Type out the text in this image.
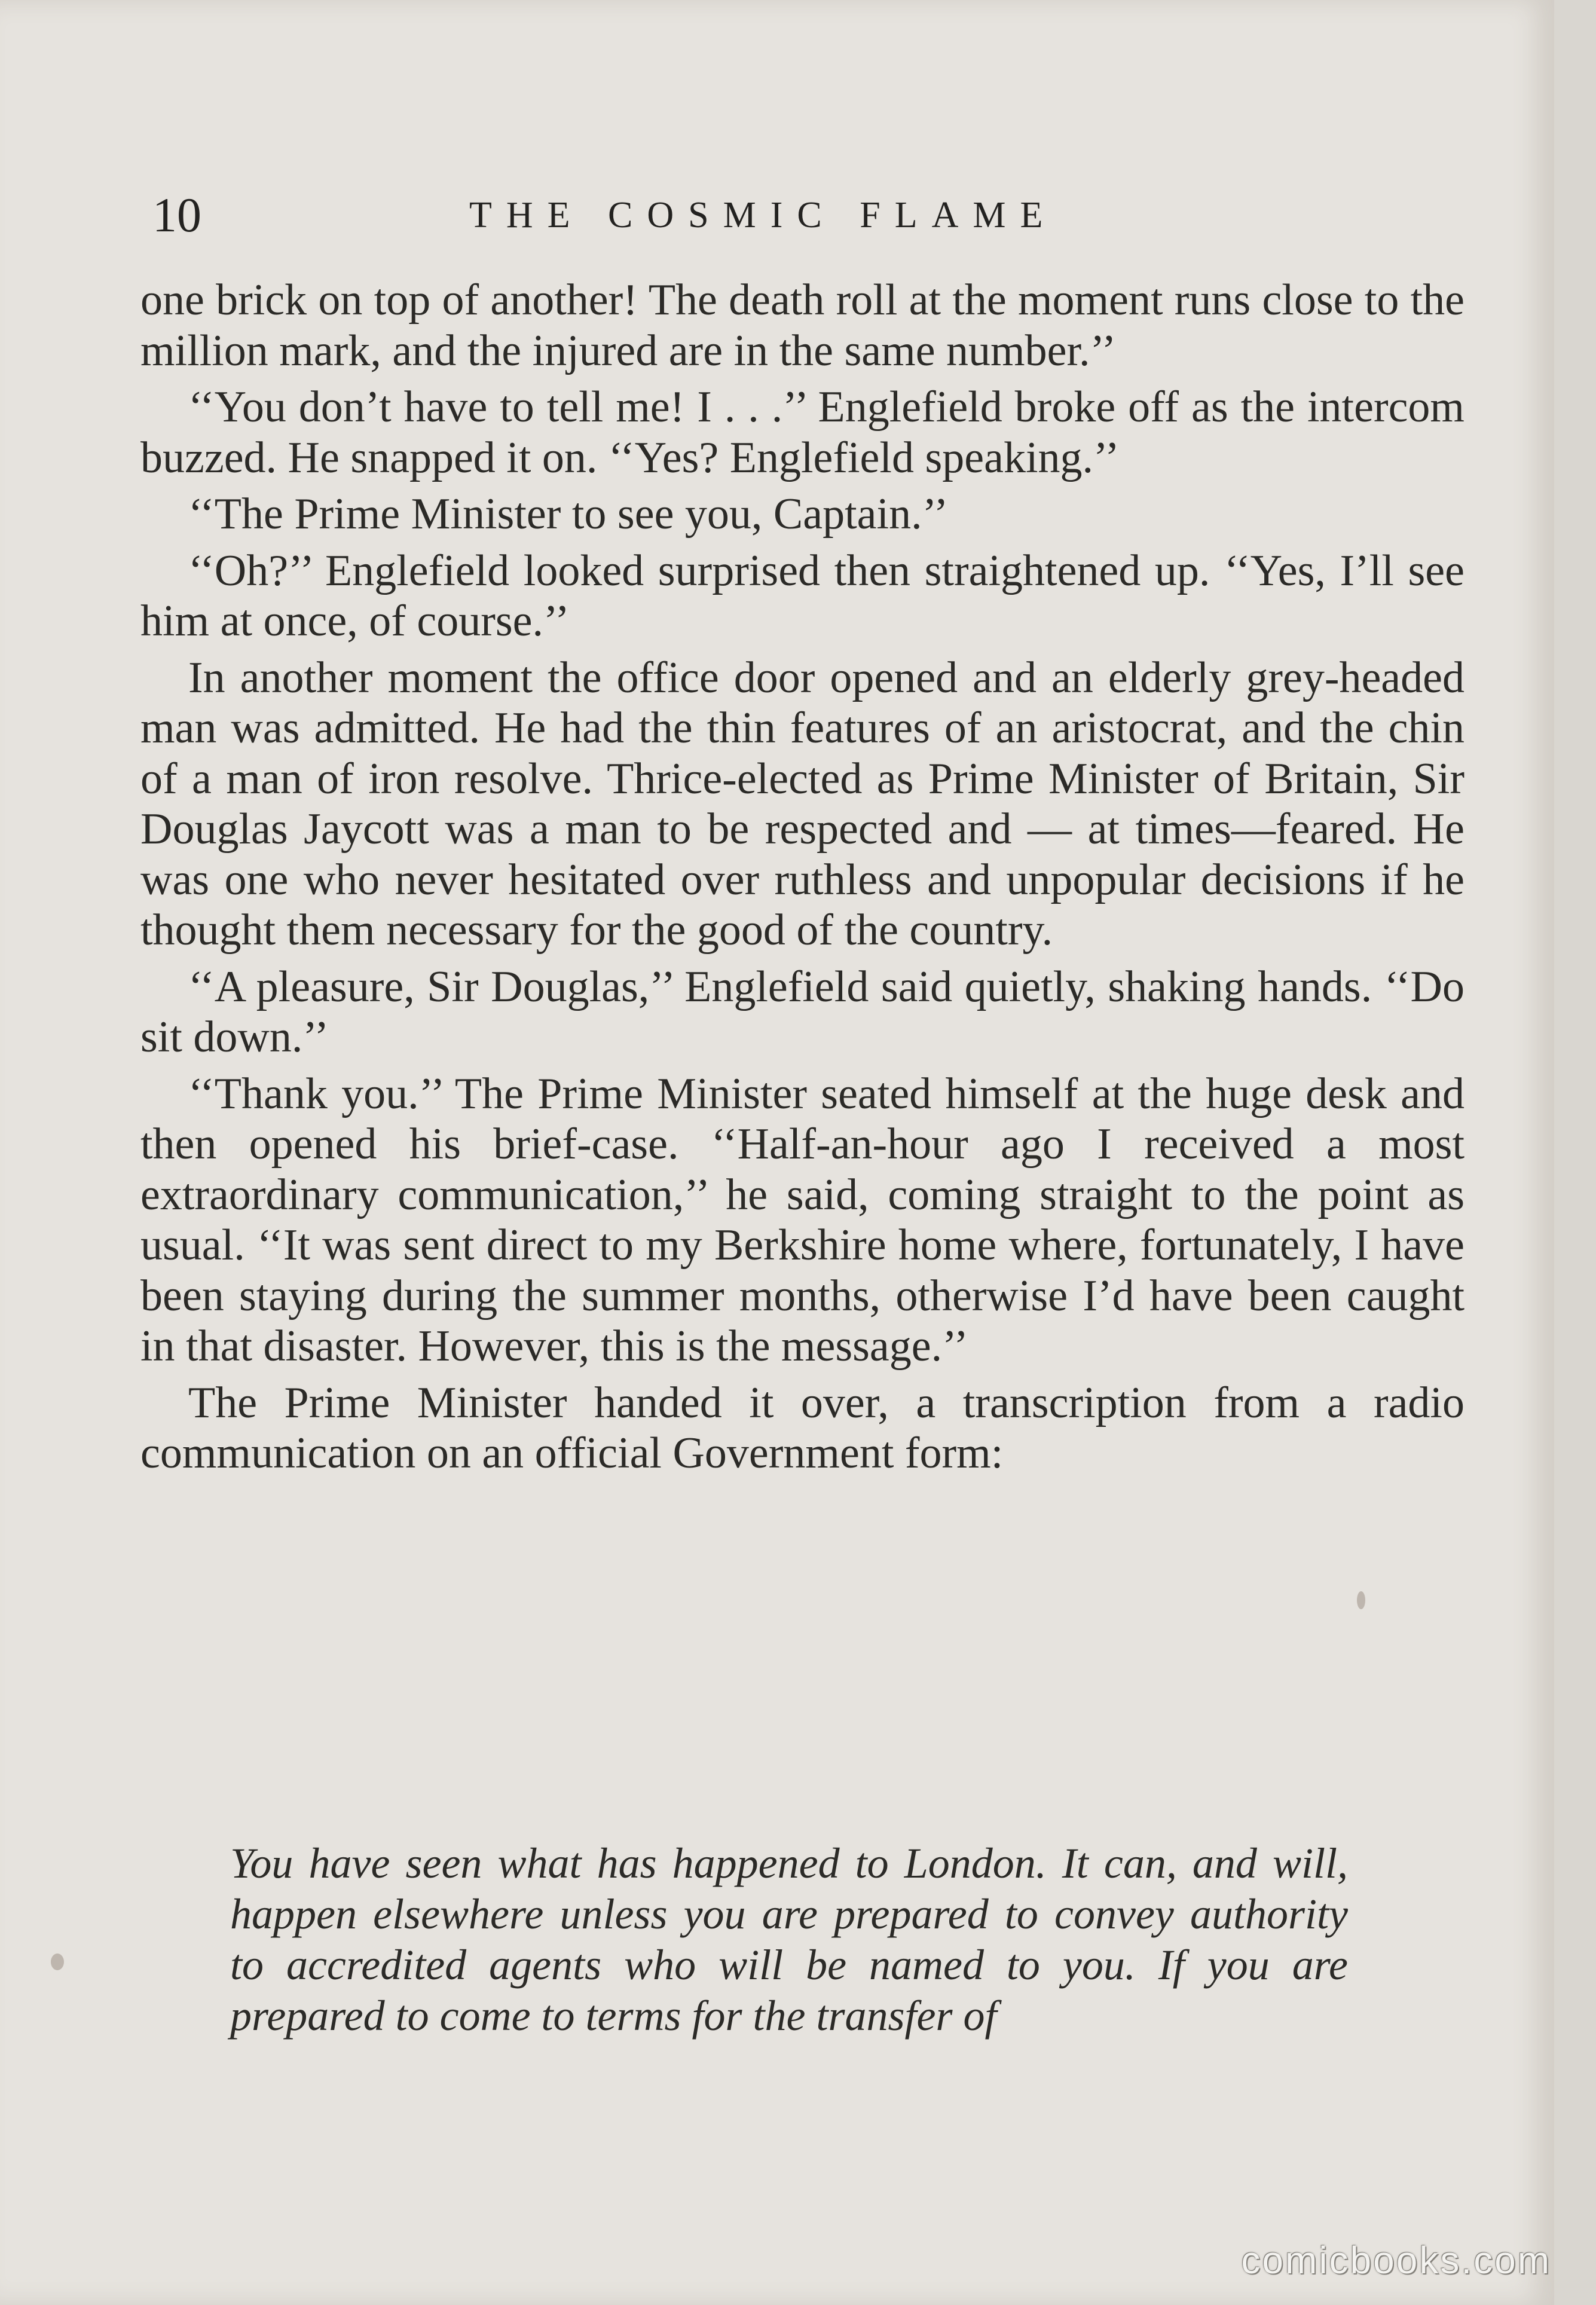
10	THE COSMIC FLAME

one brick on top of another! The death roll at the moment runs close to the million mark, and the injured are in the same number.’’

‘‘You don’t have to tell me! I . . .’’ Englefield broke off as the intercom buzzed. He snapped it on. ‘‘Yes? Englefield speaking.’’

‘‘The Prime Minister to see you, Captain.’’

‘‘Oh?’’ Englefield looked surprised then straightened up. ‘‘Yes, I’ll see him at once, of course.’’

In another moment the office door opened and an elderly grey-headed man was admitted. He had the thin features of an aristocrat, and the chin of a man of iron resolve. Thrice-elected as Prime Minister of Britain, Sir Douglas Jaycott was a man to be respected and — at times—feared. He was one who never hesitated over ruthless and unpopular decisions if he thought them necessary for the good of the country.

‘‘A pleasure, Sir Douglas,’’ Englefield said quietly, shaking hands. ‘‘Do sit down.’’

‘‘Thank you.’’ The Prime Minister seated himself at the huge desk and then opened his brief-case. ‘‘Half-an-hour ago I received a most extraordinary communication,’’ he said, coming straight to the point as usual. ‘‘It was sent direct to my Berkshire home where, fortunately, I have been staying during the summer months, otherwise I’d have been caught in that disaster. However, this is the message.’’

The Prime Minister handed it over, a transcription from a radio communication on an official Government form:

You have seen what has happened to London. It can, and will, happen elsewhere unless you are prepared to convey authority to accredited agents who will be named to you. If you are prepared to come to terms for the transfer of

comicbooks.com
